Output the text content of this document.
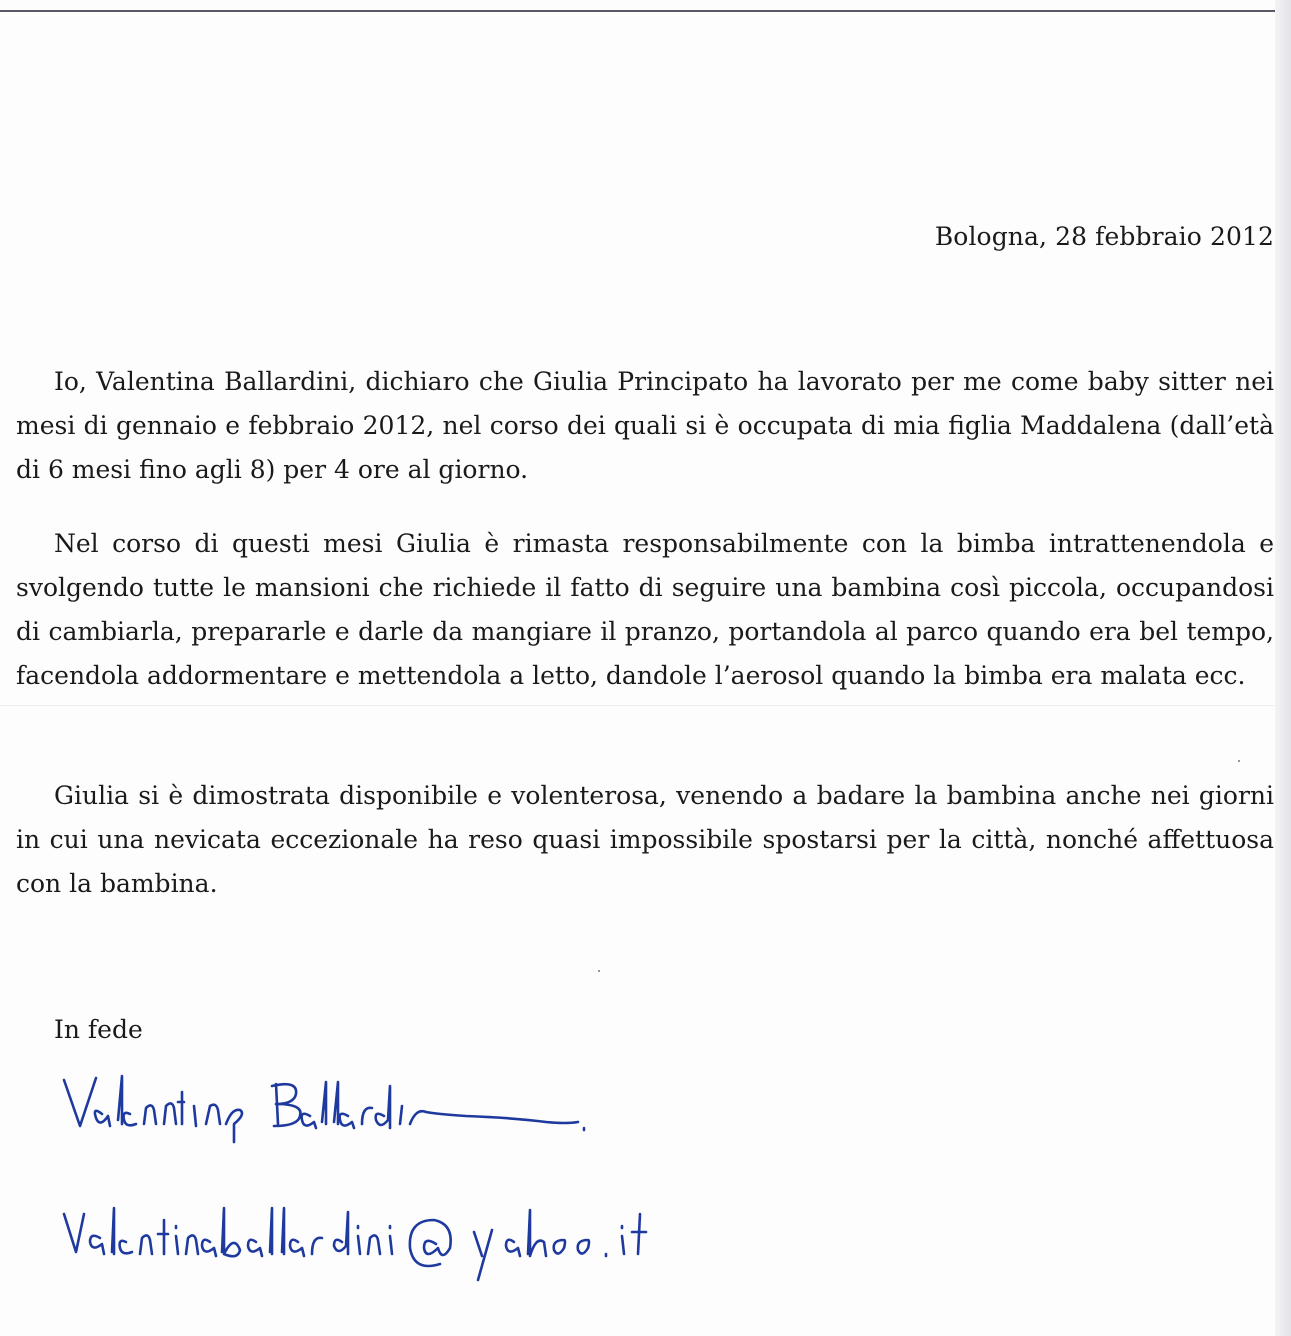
Bologna, 28 febbraio 2012

Io, Valentina Ballardini, dichiaro che Giulia Principato ha lavorato per me come baby sitter nei mesi di gennaio e febbraio 2012, nel corso dei quali si è occupata di mia figlia Maddalena (dall’età di 6 mesi fino agli 8) per 4 ore al giorno.

Nel corso di questi mesi Giulia è rimasta responsabilmente con la bimba intrattenendola e svolgendo tutte le mansioni che richiede il fatto di seguire una bambina così piccola, occupandosi di cambiarla, prepararle e darle da mangiare il pranzo, portandola al parco quando era bel tempo, facendola addormentare e mettendola a letto, dandole l’aerosol quando la bimba era malata ecc.

Giulia si è dimostrata disponibile e volenterosa, venendo a badare la bambina anche nei giorni in cui una nevicata eccezionale ha reso quasi impossibile spostarsi per la città, nonché affettuosa con la bambina.

In fede
